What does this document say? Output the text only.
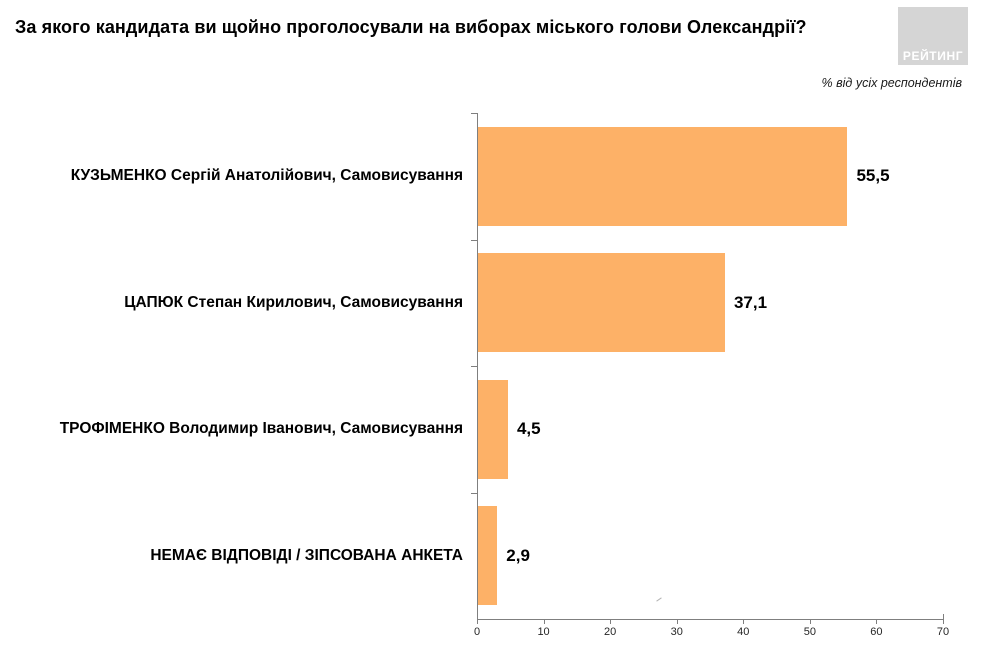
За якого кандидата ви щойно проголосували на виборах міського голови Олександрії?
РЕЙТИНГ
% від усіх респондентів
КУЗЬМЕНКО Сергій Анатолійович, Самовисування	55,5
ЦАПЮК Степан Кирилович, Самовисування	37,1
ТРОФІМЕНКО Володимир Іванович, Самовисування	4,5
НЕМАЄ ВІДПОВІДІ / ЗІПСОВАНА АНКЕТА	2,9
0	10	20	30	40	50	60	70
